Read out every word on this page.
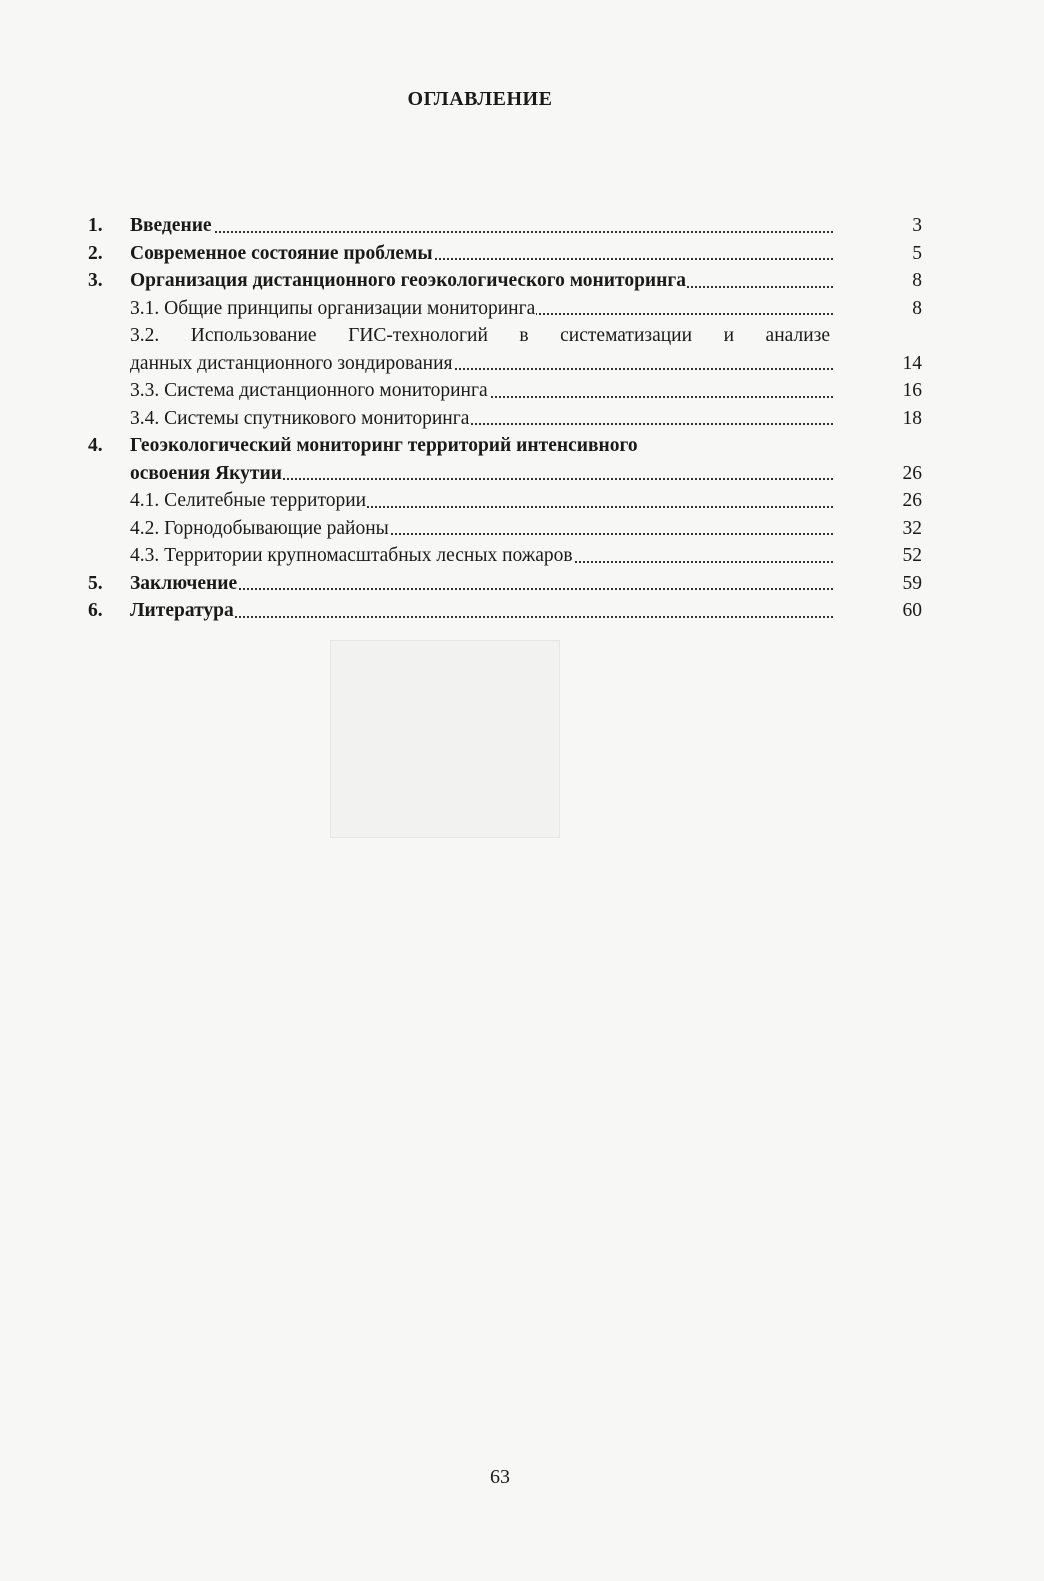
ОГЛАВЛЕНИЕ
1.	Введение	3
2.	Современное состояние проблемы	5
3.	Организация дистанционного геоэкологического мониторинга	8
3.1. Общие принципы организации мониторинга	8
3.2. Использование ГИС-технологий в систематизации и анализе
данных дистанционного зондирования	14
3.3. Система дистанционного мониторинга	16
3.4. Системы спутникового мониторинга	18
4.	Геоэкологический мониторинг территорий интенсивного
освоения Якутии	26
4.1. Селитебные территории	26
4.2. Горнодобывающие районы	32
4.3. Территории крупномасштабных лесных пожаров	52
5.	Заключение	59
6.	Литература	60
63
